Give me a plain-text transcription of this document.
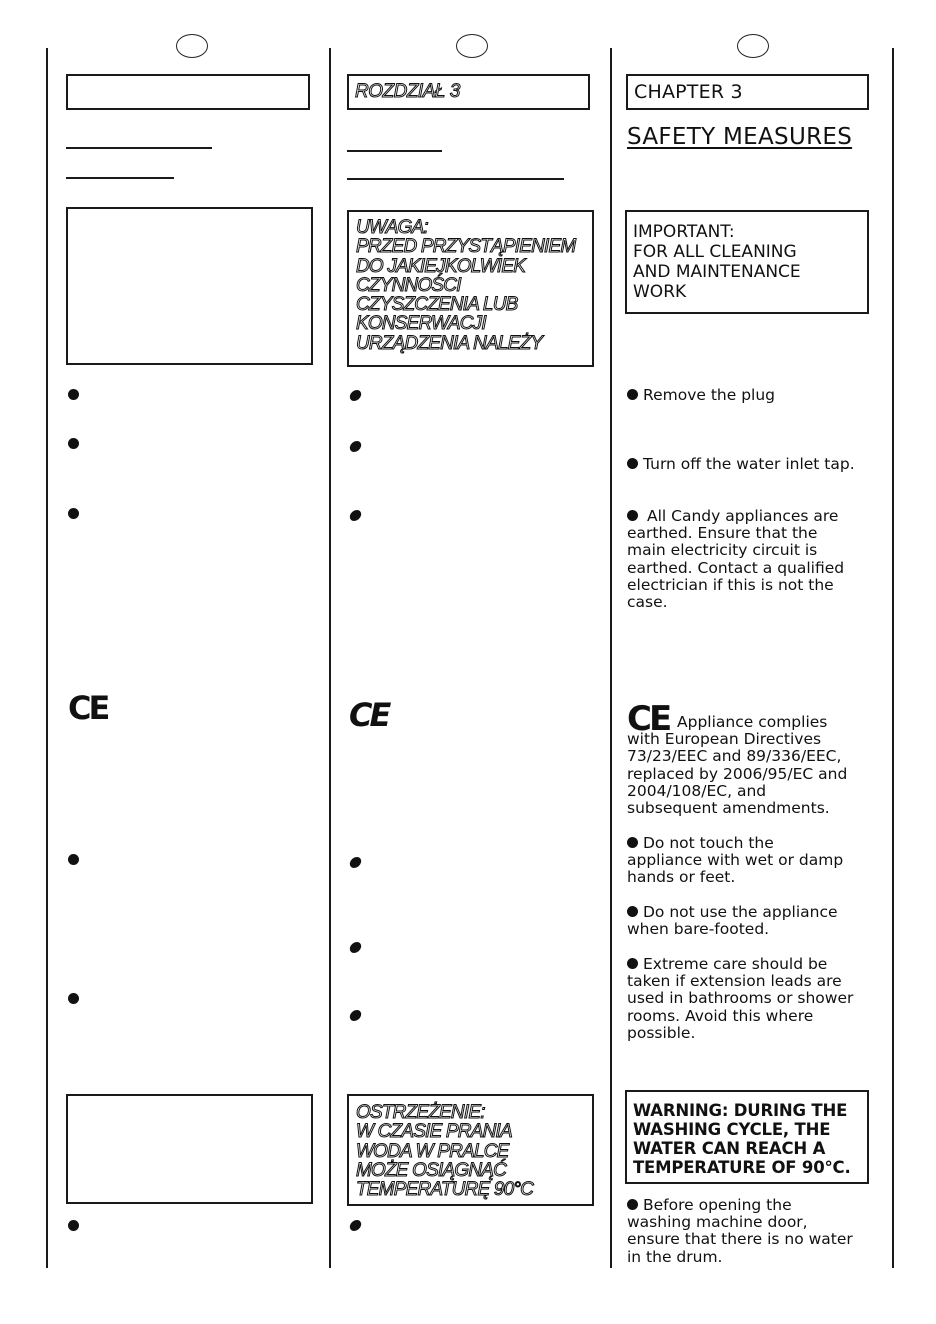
CE
ROZDZIAŁ 3
UWAGA:
PRZED PRZYSTĄPIENIEM
DO JAKIEJKOLWIEK
CZYNNOŚCI
CZYSZCZENIA LUB
KONSERWACJI
URZĄDZENIA NALEŻY
CE
OSTRZEŻENIE:
W CZASIE PRANIA
WODA W PRALCE
MOŻE OSIĄGNĄĆ
TEMPERATURĘ 90°C
CHAPTER 3
SAFETY MEASURES
IMPORTANT:
FOR ALL CLEANING
AND MAINTENANCE
WORK
Remove the plug
Turn off the water inlet tap.
All Candy appliances are
earthed. Ensure that the
main electricity circuit is
earthed. Contact a qualified
electrician if this is not the
case.
CE Appliance complies
with European Directives
73/23/EEC and 89/336/EEC,
replaced by 2006/95/EC and
2004/108/EC, and
subsequent amendments.
Do not touch the
appliance with wet or damp
hands or feet.
Do not use the appliance
when bare-footed.
Extreme care should be
taken if extension leads are
used in bathrooms or shower
rooms. Avoid this where
possible.
WARNING: DURING THE
WASHING CYCLE, THE
WATER CAN REACH A
TEMPERATURE OF 90°C.
Before opening the
washing machine door,
ensure that there is no water
in the drum.
